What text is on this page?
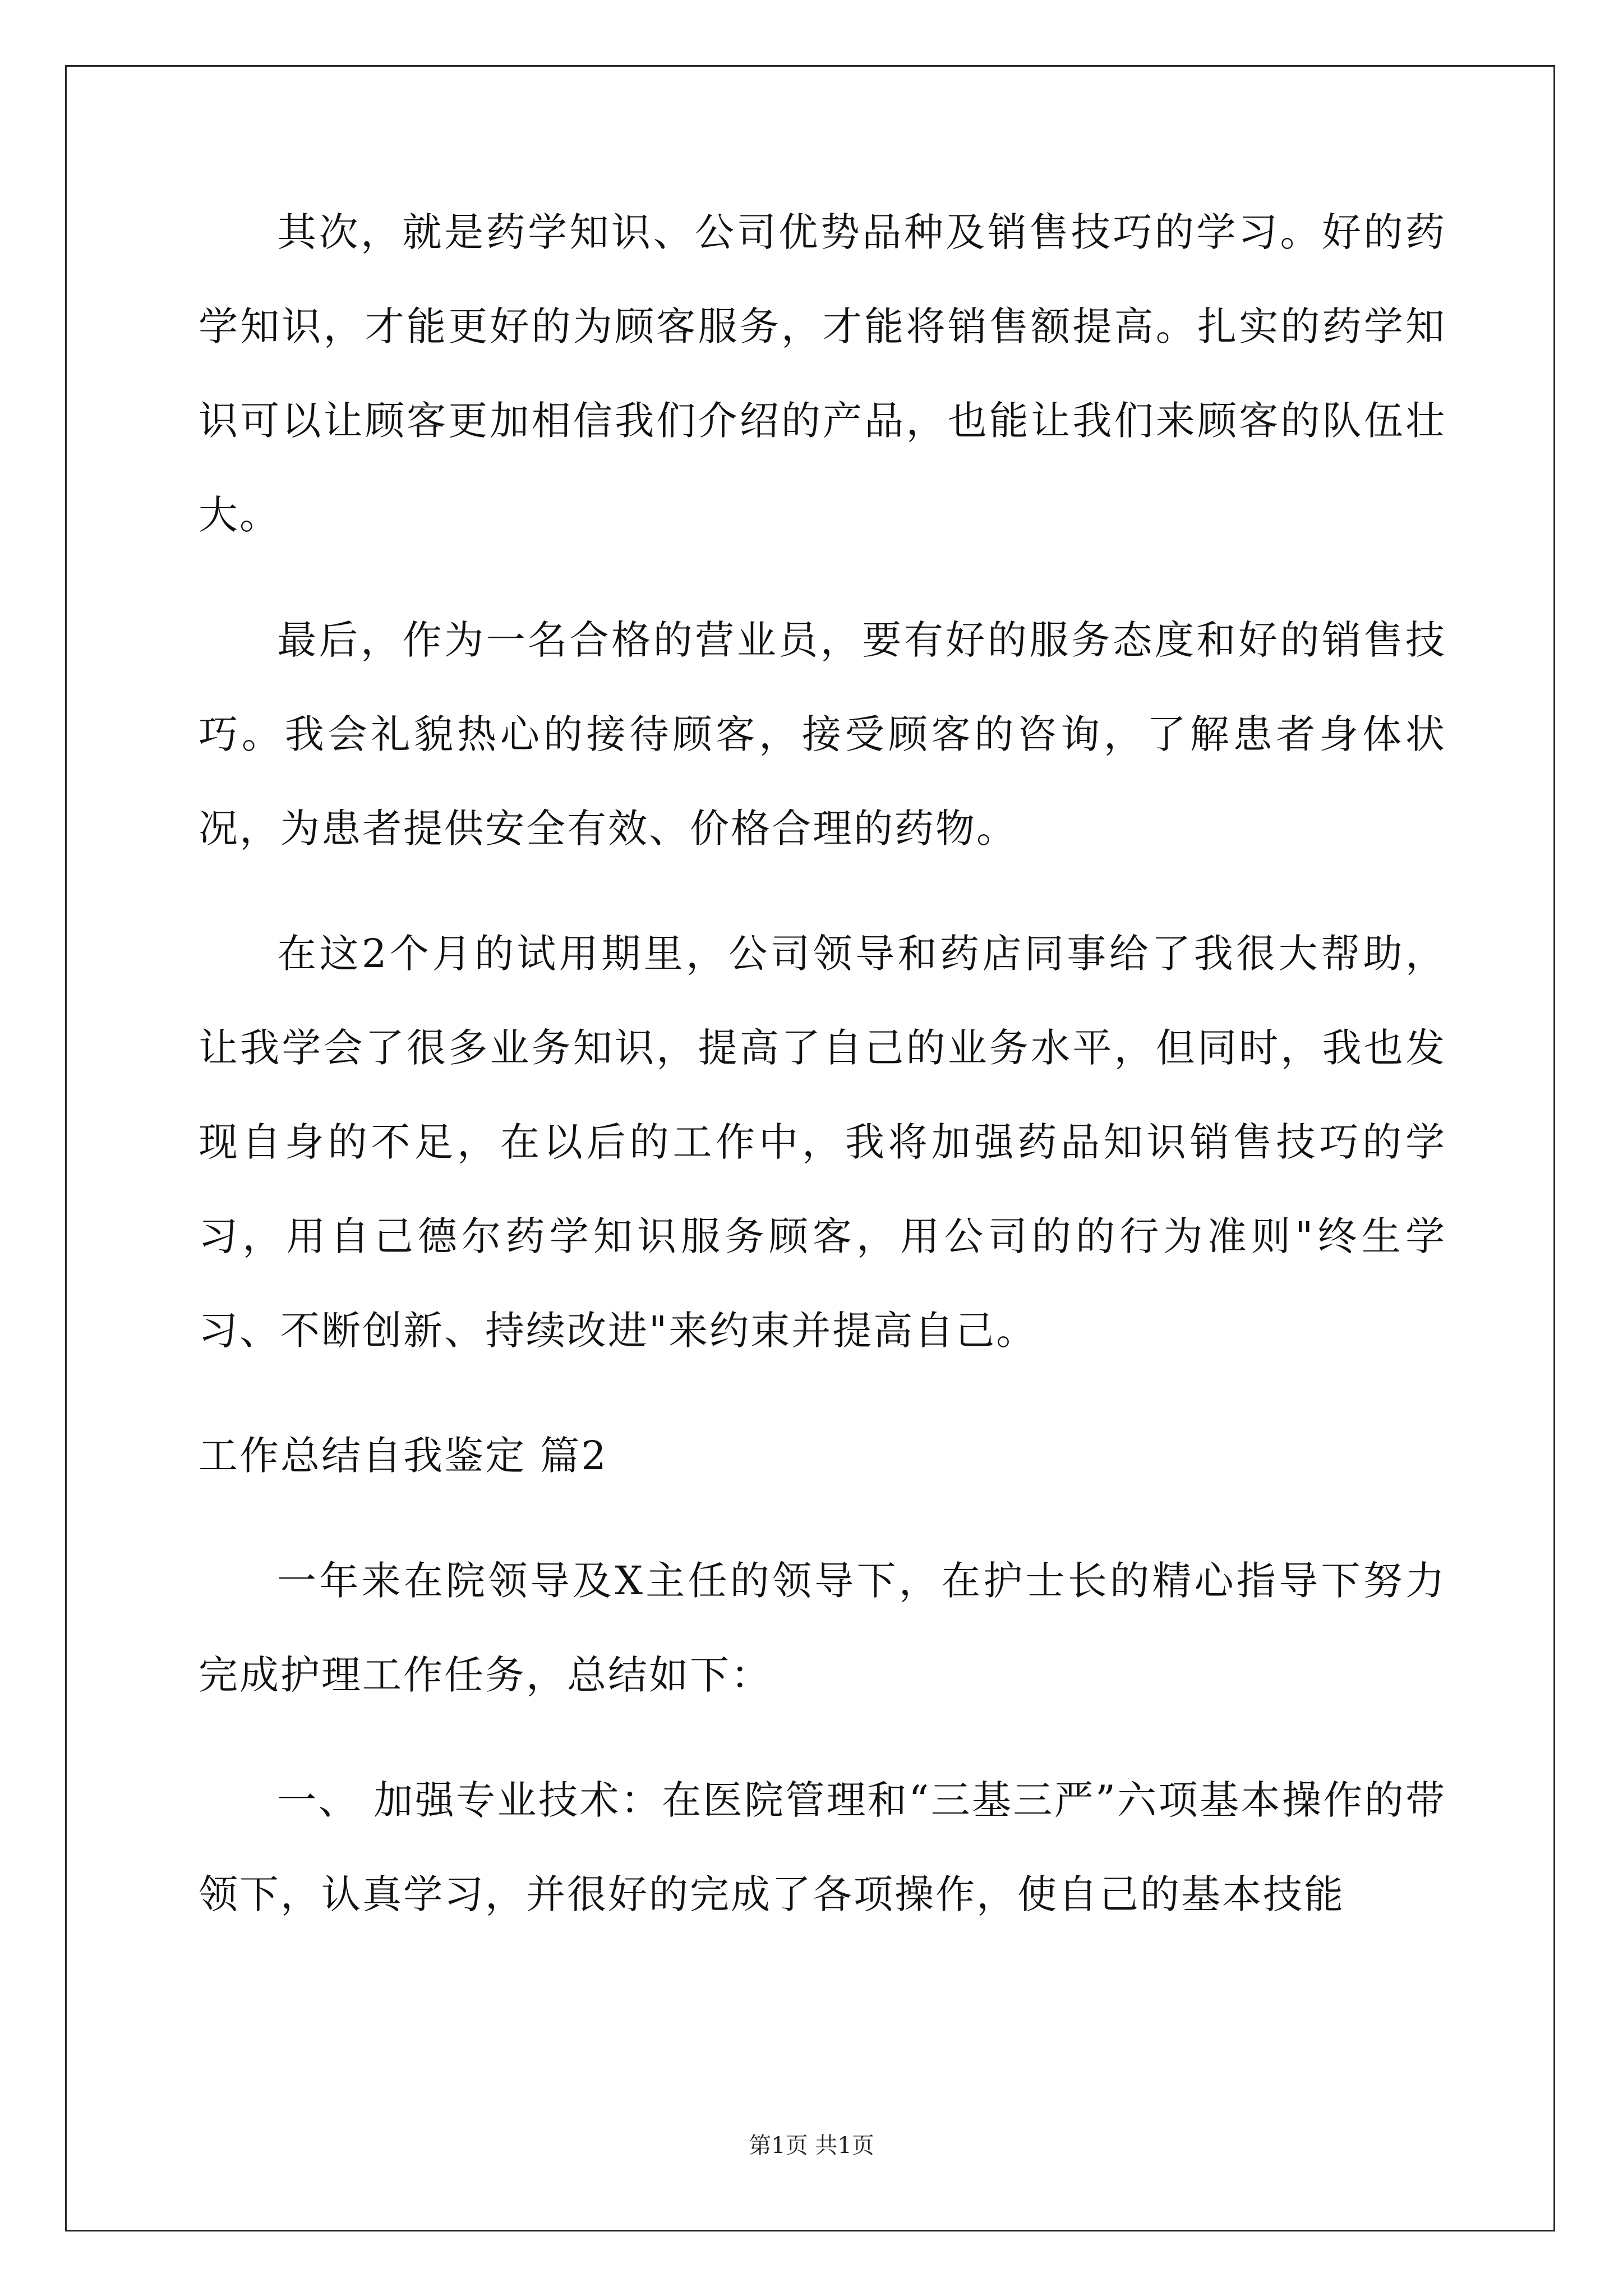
其次，就是药学知识、公司优势品种及销售技巧的学习。好的药学知识，才能更好的为顾客服务，才能将销售额提高。扎实的药学知识可以让顾客更加相信我们介绍的产品，也能让我们来顾客的队伍壮大。

最后，作为一名合格的营业员，要有好的服务态度和好的销售技巧。我会礼貌热心的接待顾客，接受顾客的咨询，了解患者身体状况，为患者提供安全有效、价格合理的药物。

在这2个月的试用期里，公司领导和药店同事给了我很大帮助，让我学会了很多业务知识，提高了自己的业务水平，但同时，我也发现自身的不足，在以后的工作中，我将加强药品知识销售技巧的学习，用自己德尔药学知识服务顾客，用公司的的行为准则"终生学习、不断创新、持续改进"来约束并提高自己。

工作总结自我鉴定 篇2

一年来在院领导及X主任的领导下，在护士长的精心指导下努力完成护理工作任务，总结如下：

一、 加强专业技术：在医院管理和“三基三严”六项基本操作的带领下，认真学习，并很好的完成了各项操作，使自己的基本技能

第1页 共1页
